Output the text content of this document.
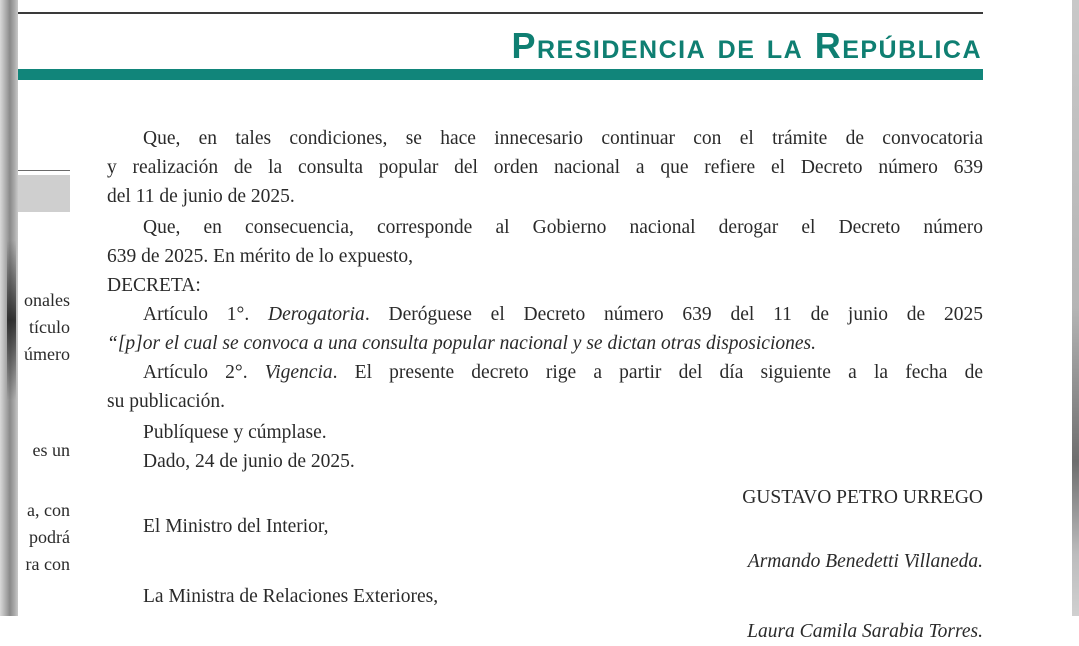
Presidencia de la República
onales
tículo
úmero
es un
a, con
podrá
ra con
Que, en tales condiciones, se hace innecesario continuar con el trámite de convocatoria
y realización de la consulta popular del orden nacional a que refiere el Decreto número 639
del 11 de junio de 2025.
Que, en consecuencia, corresponde al Gobierno nacional derogar el Decreto número
639 de 2025. En mérito de lo expuesto,
DECRETA:
Artículo 1°. Derogatoria. Deróguese el Decreto número 639 del 11 de junio de 2025
“[p]or el cual se convoca a una consulta popular nacional y se dictan otras disposiciones.
Artículo 2°. Vigencia. El presente decreto rige a partir del día siguiente a la fecha de
su publicación.
Publíquese y cúmplase.
Dado, 24 de junio de 2025.
GUSTAVO PETRO URREGO
El Ministro del Interior,
Armando Benedetti Villaneda.
La Ministra de Relaciones Exteriores,
Laura Camila Sarabia Torres.
